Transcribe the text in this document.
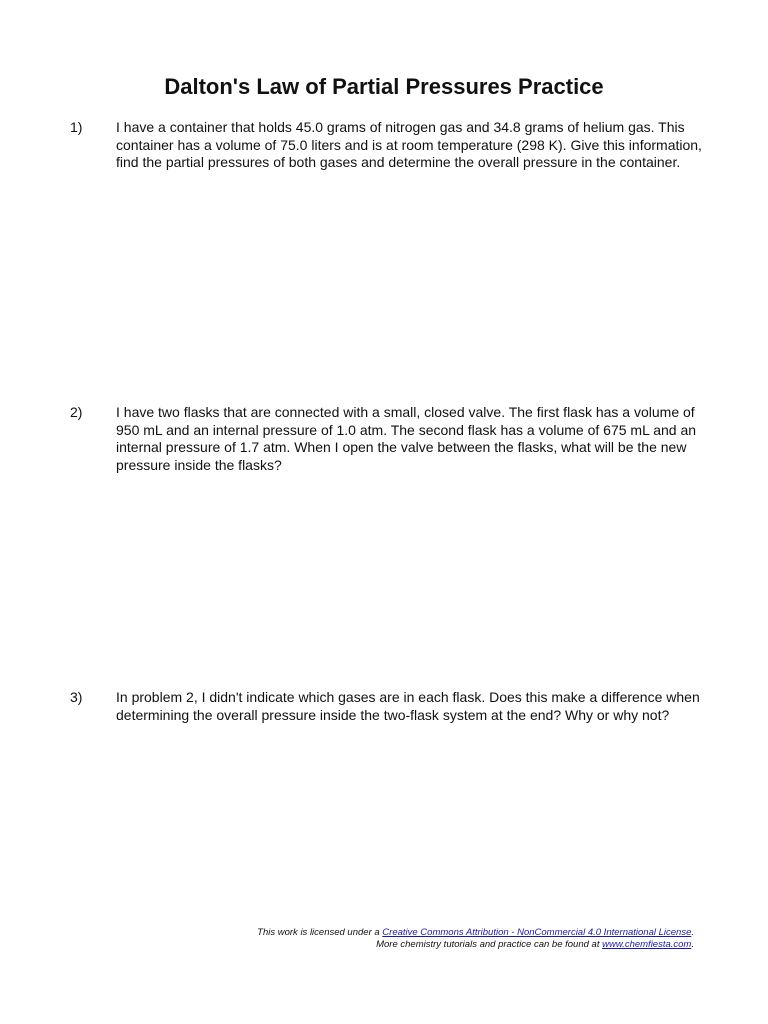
Dalton's Law of Partial Pressures Practice
1) I have a container that holds 45.0 grams of nitrogen gas and 34.8 grams of helium gas. This container has a volume of 75.0 liters and is at room temperature (298 K). Give this information, find the partial pressures of both gases and determine the overall pressure in the container.
2) I have two flasks that are connected with a small, closed valve. The first flask has a volume of 950 mL and an internal pressure of 1.0 atm. The second flask has a volume of 675 mL and an internal pressure of 1.7 atm. When I open the valve between the flasks, what will be the new pressure inside the flasks?
3) In problem 2, I didn't indicate which gases are in each flask. Does this make a difference when determining the overall pressure inside the two-flask system at the end? Why or why not?
This work is licensed under a Creative Commons Attribution - NonCommercial 4.0 International License.
More chemistry tutorials and practice can be found at www.chemfiesta.com.
